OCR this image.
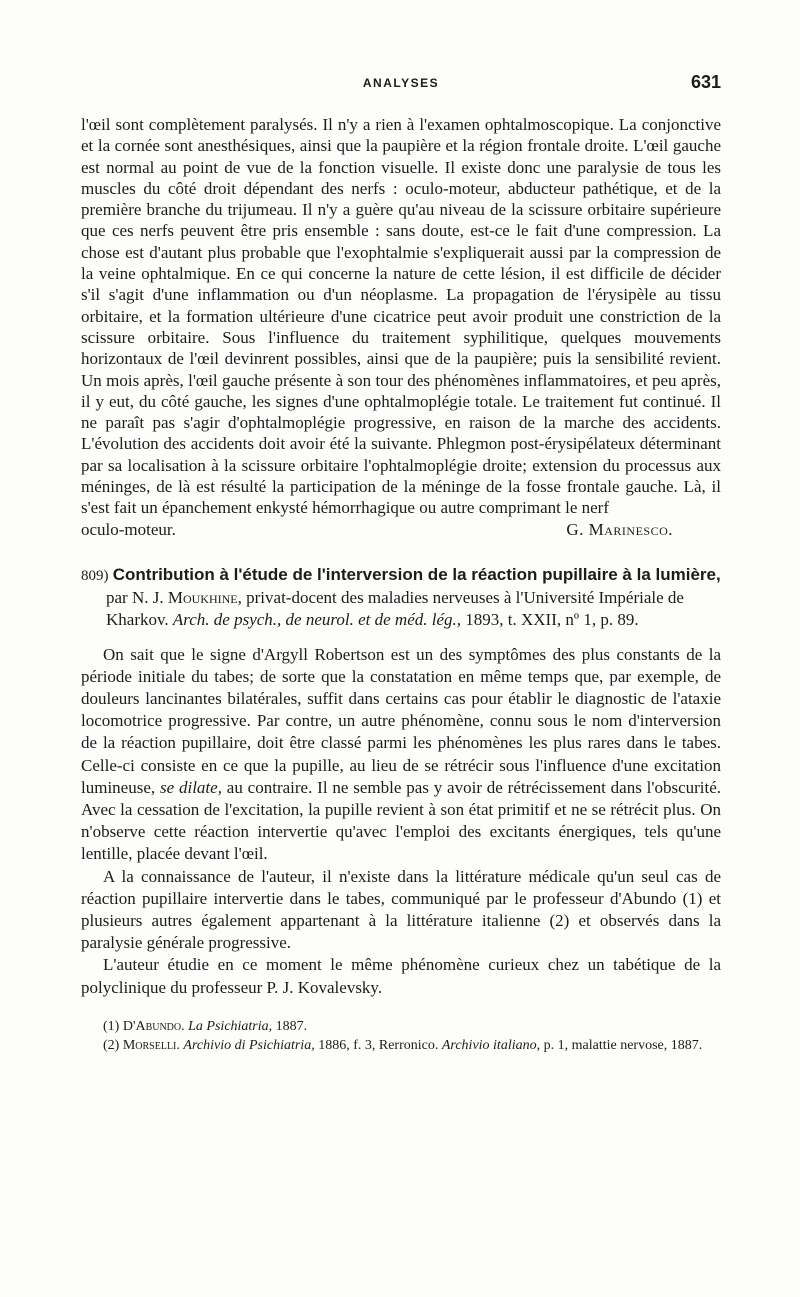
ANALYSES	631

l'œil sont complètement paralysés. Il n'y a rien à l'examen ophtalmoscopique. La conjonctive et la cornée sont anesthésiques, ainsi que la paupière et la région frontale droite. L'œil gauche est normal au point de vue de la fonction visuelle. Il existe donc une paralysie de tous les muscles du côté droit dépendant des nerfs : oculo-moteur, abducteur pathétique, et de la première branche du trijumeau. Il n'y a guère qu'au niveau de la scissure orbitaire supérieure que ces nerfs peuvent être pris ensemble : sans doute, est-ce le fait d'une compression. La chose est d'autant plus probable que l'exophtalmie s'expliquerait aussi par la compression de la veine ophtalmique. En ce qui concerne la nature de cette lésion, il est difficile de décider s'il s'agit d'une inflammation ou d'un néoplasme. La propagation de l'érysipèle au tissu orbitaire, et la formation ultérieure d'une cicatrice peut avoir produit une constriction de la scissure orbitaire. Sous l'influence du traitement syphilitique, quelques mouvements horizontaux de l'œil devinrent possibles, ainsi que de la paupière; puis la sensibilité revient. Un mois après, l'œil gauche présente à son tour des phénomènes inflammatoires, et peu après, il y eut, du côté gauche, les signes d'une ophtalmoplégie totale. Le traitement fut continué. Il ne paraît pas s'agir d'ophtalmoplégie progressive, en raison de la marche des accidents. L'évolution des accidents doit avoir été la suivante. Phlegmon post-érysipélateux déterminant par sa localisation à la scissure orbitaire l'ophtalmoplégie droite; extension du processus aux méninges, de là est résulté la participation de la méninge de la fosse frontale gauche. Là, il s'est fait un épanchement enkysté hémorrhagique ou autre comprimant le nerf

oculo-moteur.	G. Marinesco.
809) Contribution à l'étude de l'interversion de la réaction pupillaire à la lumière, par N. J. Moukhine, privat-docent des maladies nerveuses à l'Université Impériale de Kharkov. Arch. de psych., de neurol. et de méd. lég., 1893, t. XXII, nº 1, p. 89.

On sait que le signe d'Argyll Robertson est un des symptômes des plus constants de la période initiale du tabes; de sorte que la constatation en même temps que, par exemple, de douleurs lancinantes bilatérales, suffit dans certains cas pour établir le diagnostic de l'ataxie locomotrice progressive. Par contre, un autre phénomène, connu sous le nom d'interversion de la réaction pupillaire, doit être classé parmi les phénomènes les plus rares dans le tabes. Celle-ci consiste en ce que la pupille, au lieu de se rétrécir sous l'influence d'une excitation lumineuse, se dilate, au contraire. Il ne semble pas y avoir de rétrécissement dans l'obscurité. Avec la cessation de l'excitation, la pupille revient à son état primitif et ne se rétrécit plus. On n'observe cette réaction intervertie qu'avec l'emploi des excitants énergiques, tels qu'une lentille, placée devant l'œil.

A la connaissance de l'auteur, il n'existe dans la littérature médicale qu'un seul cas de réaction pupillaire intervertie dans le tabes, communiqué par le professeur d'Abundo (1) et plusieurs autres également appartenant à la littérature italienne (2) et observés dans la paralysie générale progressive.

L'auteur étudie en ce moment le même phénomène curieux chez un tabétique de la polyclinique du professeur P. J. Kovalevsky.

(1) D'Abundo. La Psichiatria, 1887.

(2) Morselli. Archivio di Psichiatria, 1886, f. 3, Rerronico. Archivio italiano, p. 1, malattie nervose, 1887.
